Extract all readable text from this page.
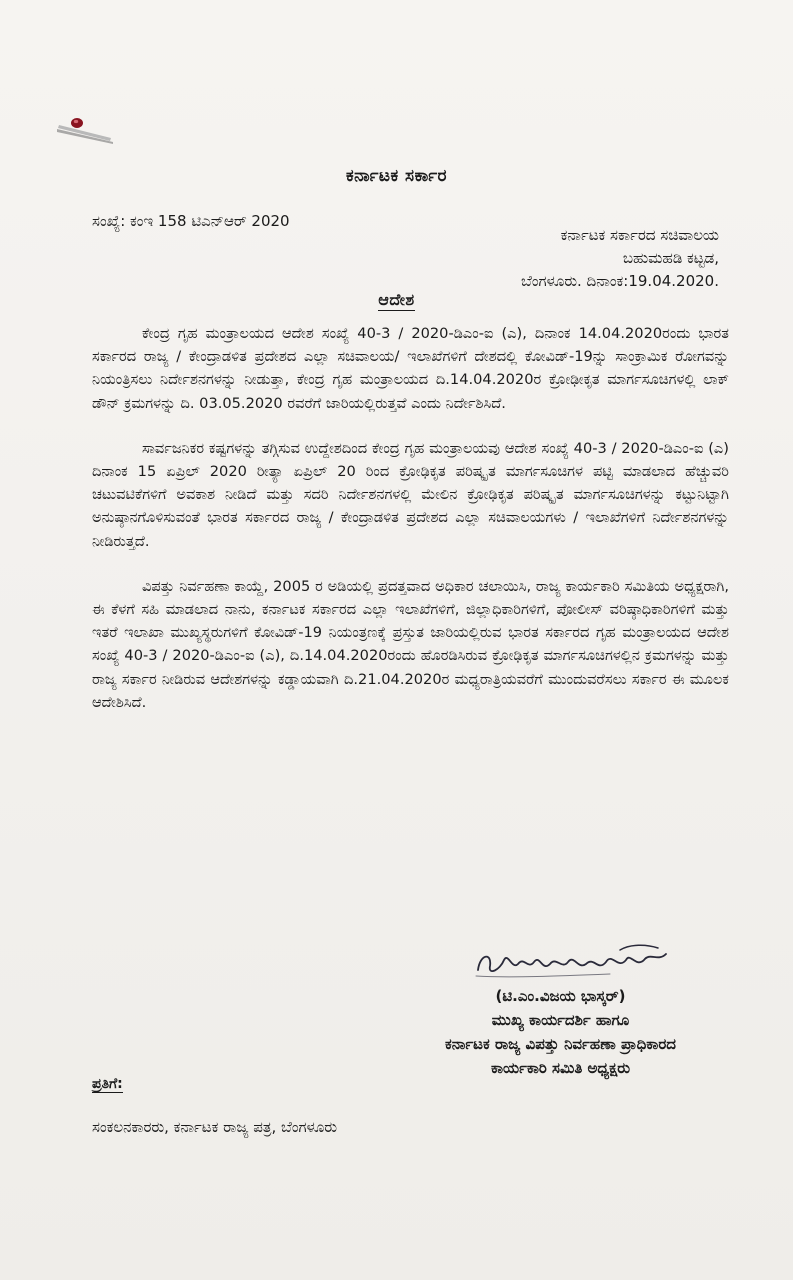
ಕರ್ನಾಟಕ ಸರ್ಕಾರ
ಸಂಖ್ಯೆ: ಕಂಇ 158 ಟಿಎನ್ಆರ್ 2020
ಕರ್ನಾಟಕ ಸರ್ಕಾರದ ಸಚಿವಾಲಯ
ಬಹುಮಹಡಿ ಕಟ್ಟಡ,
ಬೆಂಗಳೂರು. ದಿನಾಂಕ:19.04.2020.
ಆದೇಶ

ಕೇಂದ್ರ ಗೃಹ ಮಂತ್ರಾಲಯದ ಆದೇಶ ಸಂಖ್ಯೆ 40-3 / 2020-ಡಿಎಂ-ಐ (ಎ), ದಿನಾಂಕ 14.04.2020ರಂದು ಭಾರತ ಸರ್ಕಾರದ ರಾಜ್ಯ / ಕೇಂದ್ರಾಡಳಿತ ಪ್ರದೇಶದ ಎಲ್ಲಾ ಸಚಿವಾಲಯ/ ಇಲಾಖೆಗಳಿಗೆ ದೇಶದಲ್ಲಿ ಕೋವಿಡ್-19ನ್ನು ಸಾಂಕ್ರಾಮಿಕ ರೋಗವನ್ನು ನಿಯಂತ್ರಿಸಲು ನಿರ್ದೇಶನಗಳನ್ನು ನೀಡುತ್ತಾ, ಕೇಂದ್ರ ಗೃಹ ಮಂತ್ರಾಲಯದ ದಿ.14.04.2020ರ ಕ್ರೋಢೀಕೃತ ಮಾರ್ಗಸೂಚಿಗಳಲ್ಲಿ ಲಾಕ್ ಡೌನ್ ಕ್ರಮಗಳನ್ನು ದಿ. 03.05.2020 ರವರೆಗೆ ಜಾರಿಯಲ್ಲಿರುತ್ತವೆ ಎಂದು ನಿರ್ದೇಶಿಸಿದೆ.

ಸಾರ್ವಜನಿಕರ ಕಷ್ಟಗಳನ್ನು ತಗ್ಗಿಸುವ ಉದ್ದೇಶದಿಂದ ಕೇಂದ್ರ ಗೃಹ ಮಂತ್ರಾಲಯವು ಆದೇಶ ಸಂಖ್ಯೆ 40-3 / 2020-ಡಿಎಂ-ಐ (ಎ) ದಿನಾಂಕ 15 ಏಪ್ರಿಲ್ 2020 ರೀತ್ಯಾ ಏಪ್ರಿಲ್ 20 ರಿಂದ ಕ್ರೋಢಿಕೃತ ಪರಿಷ್ಕೃತ ಮಾರ್ಗಸೂಚಿಗಳ ಪಟ್ಟಿ ಮಾಡಲಾದ ಹೆಚ್ಚುವರಿ ಚಟುವಟಿಕೆಗಳಿಗೆ ಅವಕಾಶ ನೀಡಿದೆ ಮತ್ತು ಸದರಿ ನಿರ್ದೇಶನಗಳಲ್ಲಿ ಮೇಲಿನ ಕ್ರೋಢಿಕೃತ ಪರಿಷ್ಕೃತ ಮಾರ್ಗಸೂಚಿಗಳನ್ನು ಕಟ್ಟುನಿಟ್ಟಾಗಿ ಅನುಷ್ಠಾನಗೊಳಿಸುವಂತೆ ಭಾರತ ಸರ್ಕಾರದ ರಾಜ್ಯ / ಕೇಂದ್ರಾಡಳಿತ ಪ್ರದೇಶದ ಎಲ್ಲಾ ಸಚಿವಾಲಯಗಳು / ಇಲಾಖೆಗಳಿಗೆ ನಿರ್ದೇಶನಗಳನ್ನು ನೀಡಿರುತ್ತದೆ.

ವಿಪತ್ತು ನಿರ್ವಹಣಾ ಕಾಯ್ದೆ, 2005 ರ ಅಡಿಯಲ್ಲಿ ಪ್ರದತ್ತವಾದ ಅಧಿಕಾರ ಚಲಾಯಿಸಿ, ರಾಜ್ಯ ಕಾರ್ಯಕಾರಿ ಸಮಿತಿಯ ಅಧ್ಯಕ್ಷರಾಗಿ, ಈ ಕೆಳಗೆ ಸಹಿ ಮಾಡಲಾದ ನಾನು, ಕರ್ನಾಟಕ ಸರ್ಕಾರದ ಎಲ್ಲಾ ಇಲಾಖೆಗಳಿಗೆ, ಜಿಲ್ಲಾಧಿಕಾರಿಗಳಿಗೆ, ಪೋಲೀಸ್ ವರಿಷ್ಠಾಧಿಕಾರಿಗಳಿಗೆ ಮತ್ತು ಇತರೆ ಇಲಾಖಾ ಮುಖ್ಯಸ್ಥರುಗಳಿಗೆ ಕೋವಿಡ್-19 ನಿಯಂತ್ರಣಕ್ಕೆ ಪ್ರಸ್ತುತ ಜಾರಿಯಲ್ಲಿರುವ ಭಾರತ ಸರ್ಕಾರದ ಗೃಹ ಮಂತ್ರಾಲಯದ ಆದೇಶ ಸಂಖ್ಯೆ 40-3 / 2020-ಡಿಎಂ-ಐ (ಎ), ದಿ.14.04.2020ರಂದು ಹೊರಡಿಸಿರುವ ಕ್ರೋಢಿಕೃತ ಮಾರ್ಗಸೂಚಿಗಳಲ್ಲಿನ ಕ್ರಮಗಳನ್ನು ಮತ್ತು ರಾಜ್ಯ ಸರ್ಕಾರ ನೀಡಿರುವ ಆದೇಶಗಳನ್ನು ಕಡ್ಡಾಯವಾಗಿ ದಿ.21.04.2020ರ ಮಧ್ಯರಾತ್ರಿಯವರೆಗೆ ಮುಂದುವರೆಸಲು ಸರ್ಕಾರ ಈ ಮೂಲಕ ಆದೇಶಿಸಿದೆ.

(ಟಿ.ಎಂ.ವಿಜಯ ಭಾಸ್ಕರ್)
ಮುಖ್ಯ ಕಾರ್ಯದರ್ಶಿ ಹಾಗೂ
ಕರ್ನಾಟಕ ರಾಜ್ಯ ವಿಪತ್ತು ನಿರ್ವಹಣಾ ಪ್ರಾಧಿಕಾರದ
ಕಾರ್ಯಕಾರಿ ಸಮಿತಿ ಅಧ್ಯಕ್ಷರು
ಪ್ರತಿಗೆ:
ಸಂಕಲನಕಾರರು, ಕರ್ನಾಟಕ ರಾಜ್ಯ ಪತ್ರ, ಬೆಂಗಳೂರು
